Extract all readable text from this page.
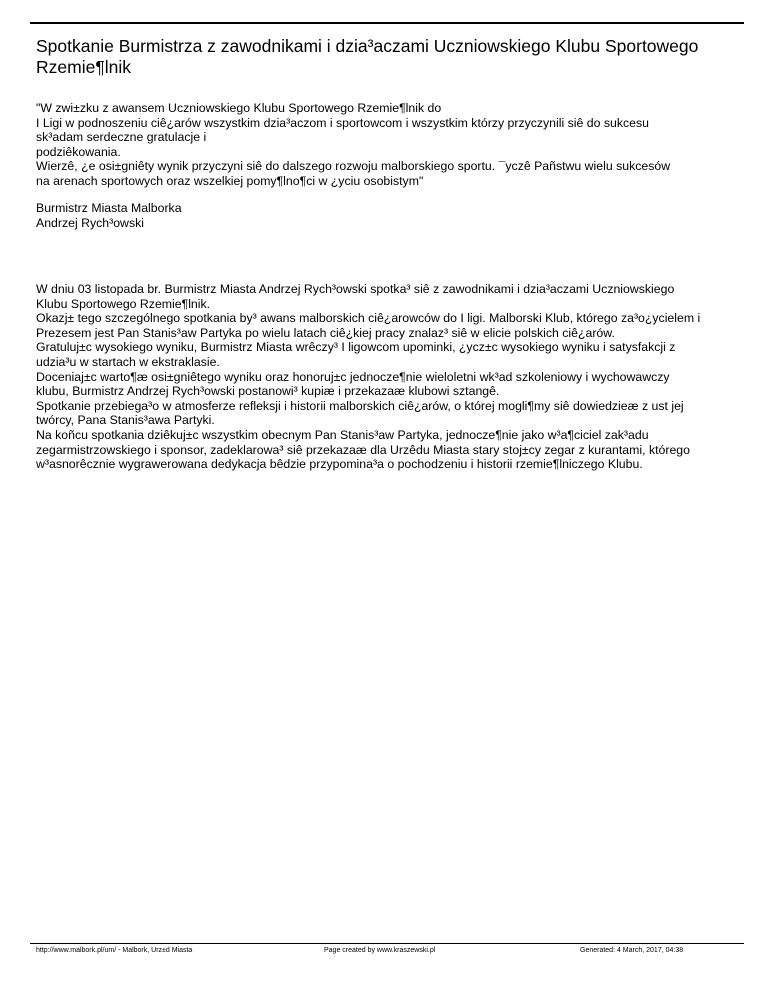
Spotkanie Burmistrza z zawodnikami i dzia³aczami Uczniowskiego Klubu Sportowego Rzemie¶lnik
"W zwi±zku z awansem Uczniowskiego Klubu Sportowego Rzemie¶lnik do
I Ligi w podnoszeniu ciê¿arów wszystkim dzia³aczom i sportowcom i wszystkim którzy przyczynili siê do sukcesu
sk³adam serdeczne gratulacje i
podziêkowania.
Wierzê, ¿e osi±gniêty wynik przyczyni siê do dalszego rozwoju malborskiego sportu. ¯yczê Pañstwu wielu sukcesów
na arenach sportowych oraz wszelkiej pomy¶lno¶ci w ¿yciu osobistym"
Burmistrz Miasta Malborka
Andrzej Rych³owski
W dniu 03 listopada br. Burmistrz Miasta Andrzej Rych³owski spotka³ siê z zawodnikami i dzia³aczami Uczniowskiego
Klubu Sportowego Rzemie¶lnik.
Okazj± tego szczególnego spotkania by³ awans malborskich ciê¿arowców do I ligi. Malborski Klub, którego za³o¿ycielem i
Prezesem jest Pan Stanis³aw Partyka po wielu latach ciê¿kiej pracy znalaz³ siê w elicie polskich ciê¿arów.
Gratuluj±c wysokiego wyniku, Burmistrz Miasta wrêczy³ I ligowcom upominki, ¿ycz±c wysokiego wyniku i satysfakcji z
udzia³u w startach w ekstraklasie.
Doceniaj±c warto¶æ osi±gniêtego wyniku oraz honoruj±c jednocze¶nie wieloletni wk³ad szkoleniowy i wychowawczy
klubu, Burmistrz Andrzej Rych³owski postanowi³ kupiæ i przekazaæ klubowi sztangê.
Spotkanie przebiega³o w atmosferze refleksji i historii malborskich ciê¿arów, o której mogli¶my siê dowiedzieæ z ust jej
twórcy, Pana Stanis³awa Partyki.
Na koñcu spotkania dziêkuj±c wszystkim obecnym Pan Stanis³aw Partyka, jednocze¶nie jako w³a¶ciciel zak³adu
zegarmistrzowskiego i sponsor, zadeklarowa³ siê przekazaæ dla Urzêdu Miasta stary stoj±cy zegar z kurantami, którego
w³asnorêcznie wygrawerowana dedykacja bêdzie przypomina³a o pochodzeniu i historii rzemie¶lniczego Klubu.
http://www.malbork.pl/um/ - Malbork, Urz±d Miasta	Page created by www.kraszewski.pl	Generated: 4 March, 2017, 04:38
